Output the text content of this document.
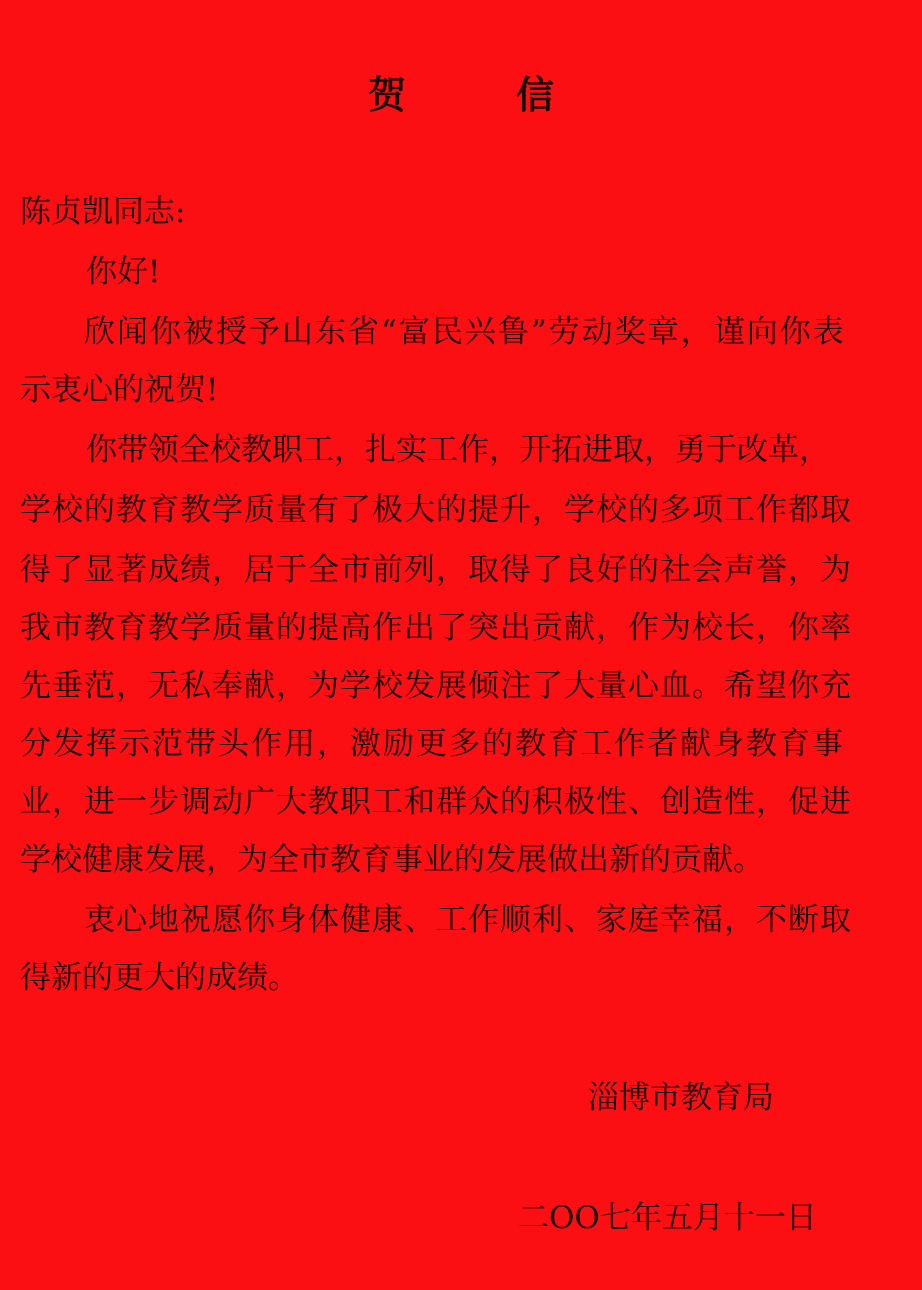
贺	信
陈贞凯同志:
你好!
欣闻你被授予山东省“富民兴鲁”劳动奖章，谨向你表
示衷心的祝贺!
你带领全校教职工，扎实工作，开拓进取，勇于改革，
学校的教育教学质量有了极大的提升，学校的多项工作都取
得了显著成绩，居于全市前列，取得了良好的社会声誉，为
我市教育教学质量的提高作出了突出贡献，作为校长，你率
先垂范，无私奉献，为学校发展倾注了大量心血。希望你充
分发挥示范带头作用，激励更多的教育工作者献身教育事
业，进一步调动广大教职工和群众的积极性、创造性，促进
学校健康发展，为全市教育事业的发展做出新的贡献。
衷心地祝愿你身体健康、工作顺利、家庭幸福，不断取
得新的更大的成绩。
淄博市教育局
二OO七年五月十一日
